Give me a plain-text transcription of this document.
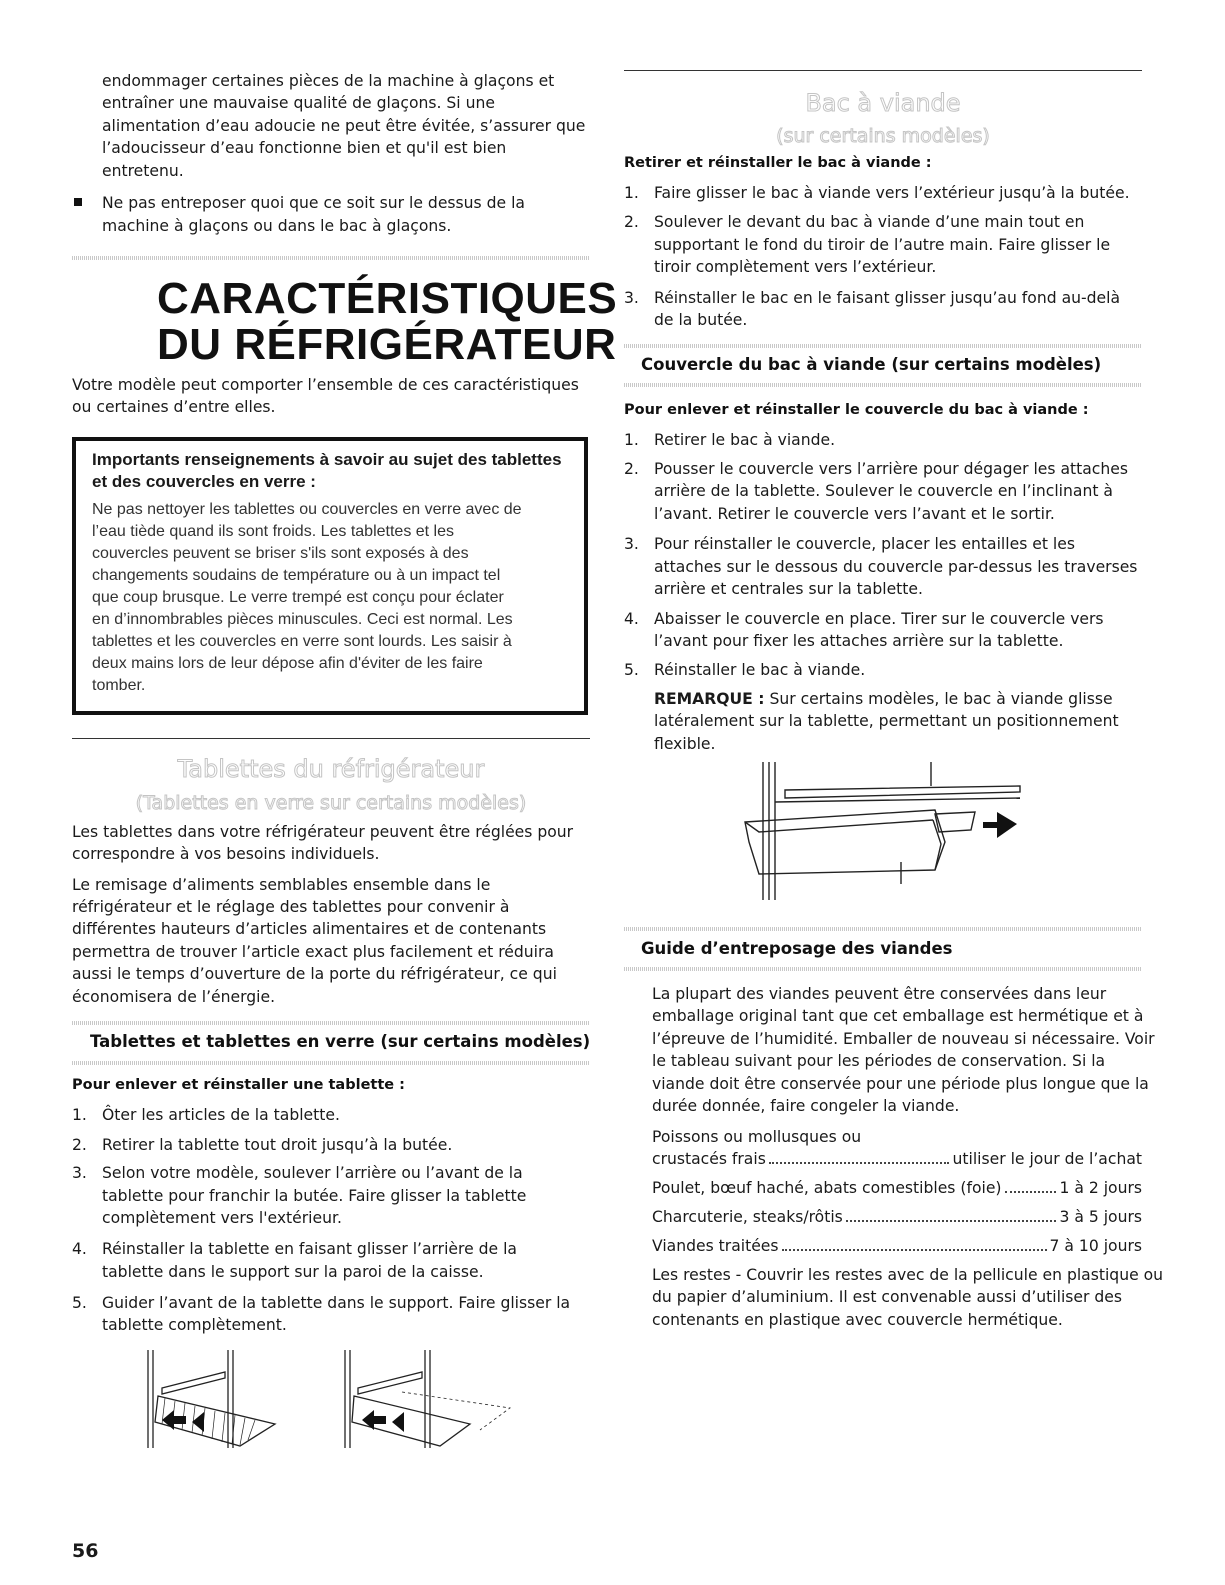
endommager certaines pièces de la machine à glaçons et

entraîner une mauvaise qualité de glaçons. Si une

alimentation d’eau adoucie ne peut être évitée, s’assurer que

l’adoucisseur d’eau fonctionne bien et qu'il est bien

entretenu.

Ne pas entreposer quoi que ce soit sur le dessus de la

machine à glaçons ou dans le bac à glaçons.

CARACTÉRISTIQUES
DU RÉFRIGÉRATEUR

Votre modèle peut comporter l’ensemble de ces caractéristiques

ou certaines d’entre elles.

Importants renseignements à savoir au sujet des tablettes
et des couvercles en verre :
Ne pas nettoyer les tablettes ou couvercles en verre avec de
l’eau tiède quand ils sont froids. Les tablettes et les
couvercles peuvent se briser s'ils sont exposés à des
changements soudains de température ou à un impact tel
que coup brusque. Le verre trempé est conçu pour éclater
en d’innombrables pièces minuscules. Ceci est normal. Les
tablettes et les couvercles en verre sont lourds. Les saisir à
deux mains lors de leur dépose afin d'éviter de les faire
tomber.
Tablettes du réfrigérateur
(Tablettes en verre sur certains modèles)

Les tablettes dans votre réfrigérateur peuvent être réglées pour

correspondre à vos besoins individuels.

Le remisage d’aliments semblables ensemble dans le

réfrigérateur et le réglage des tablettes pour convenir à

différentes hauteurs d’articles alimentaires et de contenants

permettra de trouver l’article exact plus facilement et réduira

aussi le temps d’ouverture de la porte du réfrigérateur, ce qui

économisera de l’énergie.

Tablettes et tablettes en verre (sur certains modèles)
Pour enlever et réinstaller une tablette :
1. Ôter les articles de la tablette.
2. Retirer la tablette tout droit jusqu’à la butée.
3. Selon votre modèle, soulever l’arrière ou l’avant de la
tablette pour franchir la butée. Faire glisser la tablette
complètement vers l'extérieur.
4. Réinstaller la tablette en faisant glisser l’arrière de la
tablette dans le support sur la paroi de la caisse.
5. Guider l’avant de la tablette dans le support. Faire glisser la
tablette complètement.
56
Bac à viande
(sur certains modèles)
Retirer et réinstaller le bac à viande :
1. Faire glisser le bac à viande vers l’extérieur jusqu’à la butée.
2. Soulever le devant du bac à viande d’une main tout en
supportant le fond du tiroir de l’autre main. Faire glisser le
tiroir complètement vers l’extérieur.
3. Réinstaller le bac en le faisant glisser jusqu’au fond au-delà
de la butée.
Couvercle du bac à viande (sur certains modèles)
Pour enlever et réinstaller le couvercle du bac à viande :
1. Retirer le bac à viande.
2. Pousser le couvercle vers l’arrière pour dégager les attaches
arrière de la tablette. Soulever le couvercle en l’inclinant à
l’avant. Retirer le couvercle vers l’avant et le sortir.
3. Pour réinstaller le couvercle, placer les entailles et les
attaches sur le dessous du couvercle par-dessus les traverses
arrière et centrales sur la tablette.
4. Abaisser le couvercle en place. Tirer sur le couvercle vers
l’avant pour fixer les attaches arrière sur la tablette.
5. Réinstaller le bac à viande.
REMARQUE : Sur certains modèles, le bac à viande glisse
latéralement sur la tablette, permettant un positionnement
flexible.
Guide d’entreposage des viandes

La plupart des viandes peuvent être conservées dans leur

emballage original tant que cet emballage est hermétique et à

l’épreuve de l’humidité. Emballer de nouveau si nécessaire. Voir

le tableau suivant pour les périodes de conservation. Si la

viande doit être conservée pour une période plus longue que la

durée donnée, faire congeler la viande.

Poissons ou mollusques ou

crustacés frais	utiliser le jour de l’achat
Poulet, bœuf haché, abats comestibles (foie)	1 à 2 jours
Charcuterie, steaks/rôtis	3 à 5 jours
Viandes traitées	7 à 10 jours

Les restes - Couvrir les restes avec de la pellicule en plastique ou

du papier d’aluminium. Il est convenable aussi d’utiliser des

contenants en plastique avec couvercle hermétique.
